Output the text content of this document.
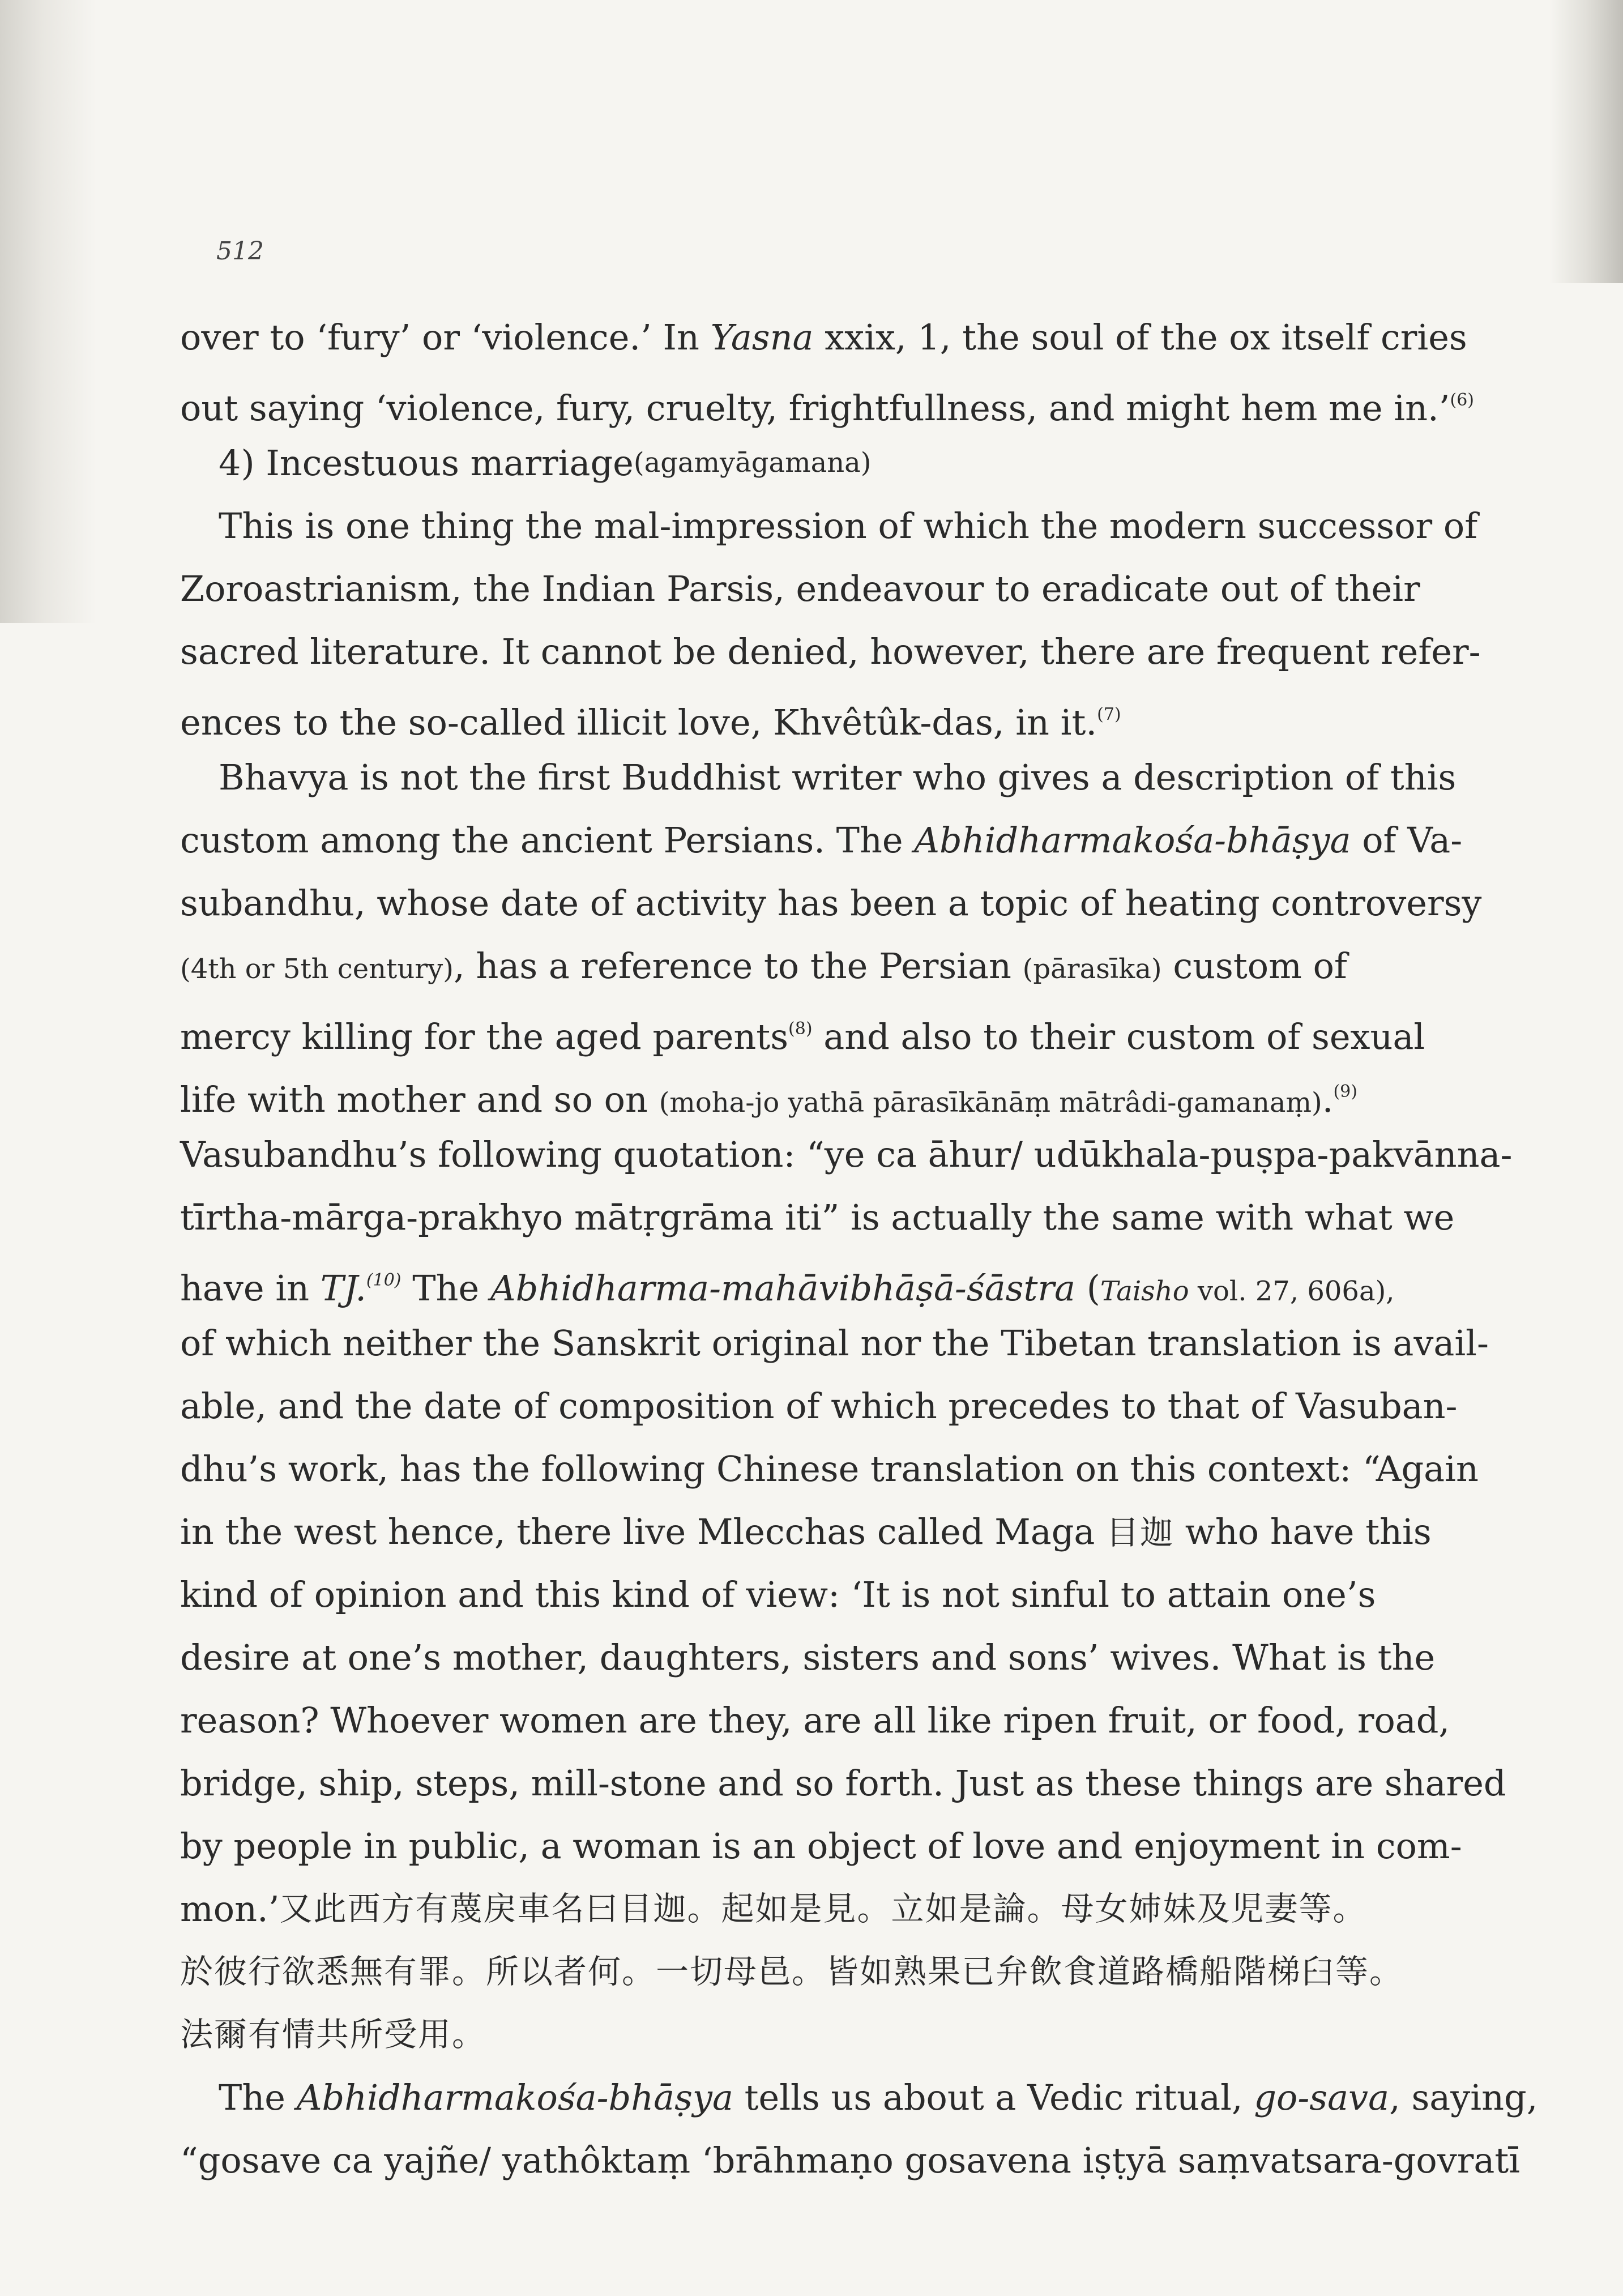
512
over to ‘fury’ or ‘violence.’ In Yasna xxix, 1, the soul of the ox itself cries
out saying ‘violence, fury, cruelty, frightfullness, and might hem me in.’$^{(6)}$
4) Incestuous marriage (agamyāgamana)
This is one thing the mal-impression of which the modern successor of
Zoroastrianism, the Indian Parsis, endeavour to eradicate out of their
sacred literature. It cannot be denied, however, there are frequent refer-
ences to the so-called illicit love, Khvêtûk-das, in it.$^{(7)}$
Bhavya is not the first Buddhist writer who gives a description of this
custom among the ancient Persians. The Abhidharmakośa-bhāṣya of Va-
subandhu, whose date of activity has been a topic of heating controversy
(4th or 5th century), has a reference to the Persian (pārasīka) custom of
mercy killing for the aged parents$^{(8)}$ and also to their custom of sexual
life with mother and so on (moha-jo yathā pārasīkānāṃ mātrâdi-gamanaṃ).$^{(9)}$
Vasubandhu’s following quotation: “ye ca āhur/ udūkhala-puṣpa-pakvānna-
tīrtha-mārga-prakhyo mātṛgrāma iti” is actually the same with what we
have in TJ.$^{(10)}$ The Abhidharma-mahāvibhāṣā-śāstra (Taisho vol. 27, 606a),
of which neither the Sanskrit original nor the Tibetan translation is avail-
able, and the date of composition of which precedes to that of Vasuban-
dhu’s work, has the following Chinese translation on this context: “Again
in the west hence, there live Mlecchas called Maga 目迦 who have this
kind of opinion and this kind of view: ‘It is not sinful to attain one’s
desire at one’s mother, daughters, sisters and sons’ wives. What is the
reason? Whoever women are they, are all like ripen fruit, or food, road,
bridge, ship, steps, mill-stone and so forth. Just as these things are shared
by people in public, a woman is an object of love and enjoyment in com-
mon.’ 又此西方有蔑戻車名曰目迦。起如是見。立如是論。母女姉妹及児妻等。
於彼行欲悉無有罪。所以者何。一切母邑。皆如熟果已弁飲食道路橋船階梯臼等。
法爾有情共所受用。
The Abhidharmakośa-bhāṣya tells us about a Vedic ritual, go-sava, saying,
“gosave ca yajñe/ yathôktaṃ ‘brāhmaṇo gosavena iṣṭyā saṃvatsara-govratī
